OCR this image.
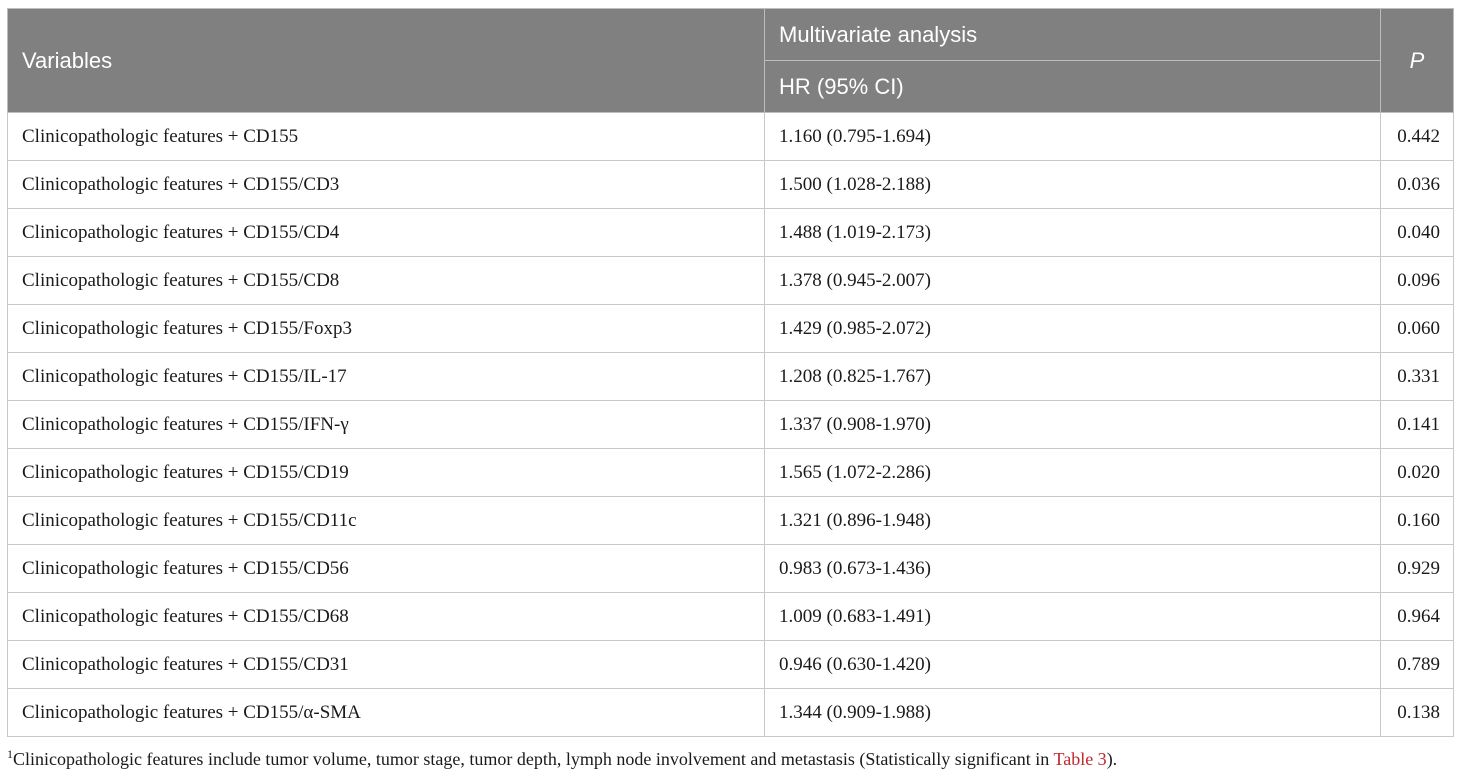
Variables	Multivariate analysis	P
	HR (95% CI)	
Clinicopathologic features + CD155	1.160 (0.795-1.694)	0.442
Clinicopathologic features + CD155/CD3	1.500 (1.028-2.188)	0.036
Clinicopathologic features + CD155/CD4	1.488 (1.019-2.173)	0.040
Clinicopathologic features + CD155/CD8	1.378 (0.945-2.007)	0.096
Clinicopathologic features + CD155/Foxp3	1.429 (0.985-2.072)	0.060
Clinicopathologic features + CD155/IL-17	1.208 (0.825-1.767)	0.331
Clinicopathologic features + CD155/IFN-γ	1.337 (0.908-1.970)	0.141
Clinicopathologic features + CD155/CD19	1.565 (1.072-2.286)	0.020
Clinicopathologic features + CD155/CD11c	1.321 (0.896-1.948)	0.160
Clinicopathologic features + CD155/CD56	0.983 (0.673-1.436)	0.929
Clinicopathologic features + CD155/CD68	1.009 (0.683-1.491)	0.964
Clinicopathologic features + CD155/CD31	0.946 (0.630-1.420)	0.789
Clinicopathologic features + CD155/α-SMA	1.344 (0.909-1.988)	0.138
$^1$Clinicopathologic features include tumor volume, tumor stage, tumor depth, lymph node involvement and metastasis (Statistically significant in Table 3).
